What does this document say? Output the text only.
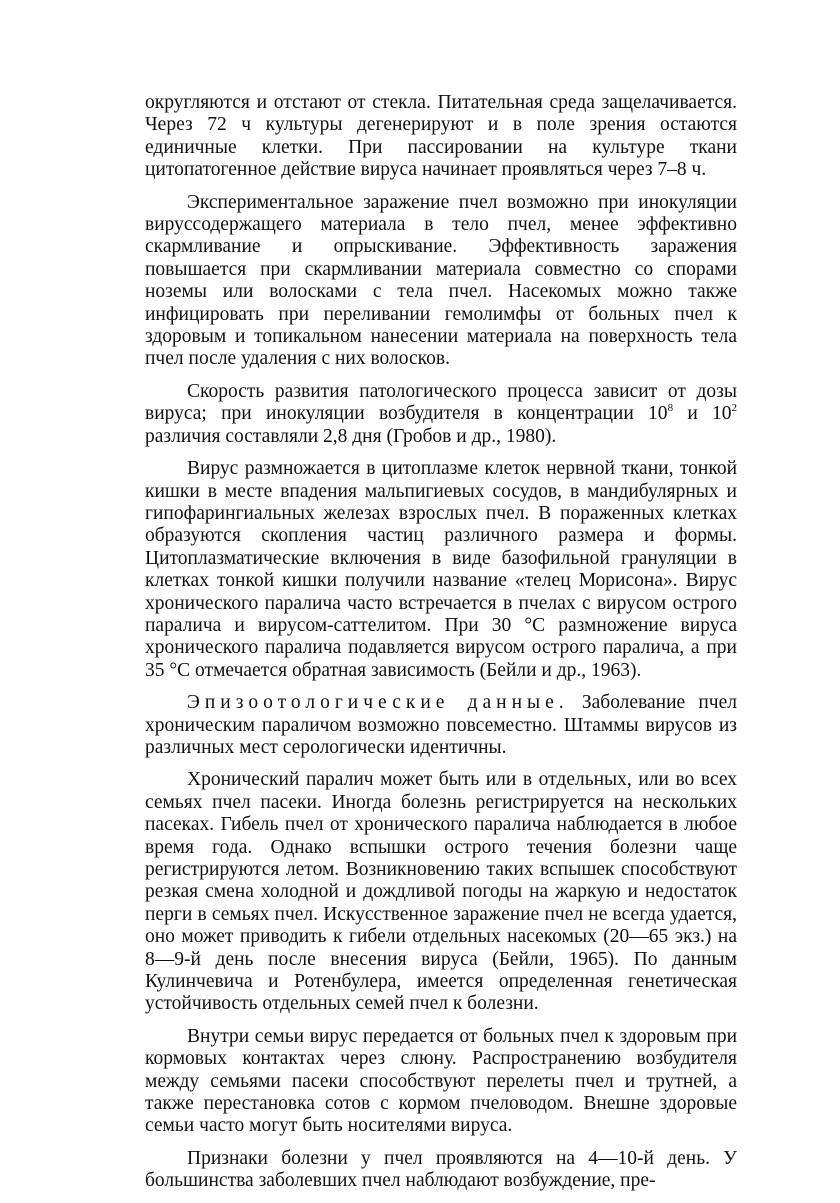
округляются и отстают от стекла. Питательная среда защелачивается. Через 72 ч культуры дегенерируют и в поле зрения остаются единичные клетки. При пассировании на культуре ткани цитопатогенное действие вируса начинает проявляться через 7–8 ч.

Экспериментальное заражение пчел возможно при инокуляции вируссодержащего материала в тело пчел, менее эффективно скармливание и опрыскивание. Эффективность заражения повышается при скармливании материала совместно со спорами ноземы или волосками с тела пчел. Насекомых можно также инфицировать при переливании гемолимфы от больных пчел к здоровым и топикальном нанесении материала на поверхность тела пчел после удаления с них волосков.

Скорость развития патологического процесса зависит от дозы вируса; при инокуляции возбудителя в концентрации $10^8$ и $10^2$ различия составляли 2,8 дня (Гробов и др., 1980).

Вирус размножается в цитоплазме клеток нервной ткани, тонкой кишки в месте впадения мальпигиевых сосудов, в мандибулярных и гипофарингиальных железах взрослых пчел. В пораженных клетках образуются скопления частиц различного размера и формы. Цитоплазматические включения в виде базофильной грануляции в клетках тонкой кишки получили название «телец Морисона». Вирус хронического паралича часто встречается в пчелах с вирусом острого паралича и вирусом-саттелитом. При 30 °С размножение вируса хронического паралича подавляется вирусом острого паралича, а при 35 °С отмечается обратная зависимость (Бейли и др., 1963).

Эпизоотологические данные. Заболевание пчел хроническим параличом возможно повсеместно. Штаммы вирусов из различных мест серологически идентичны.

Хронический паралич может быть или в отдельных, или во всех семьях пчел пасеки. Иногда болезнь регистрируется на нескольких пасеках. Гибель пчел от хронического паралича наблюдается в любое время года. Однако вспышки острого течения болезни чаще регистрируются летом. Возникновению таких вспышек способствуют резкая смена холодной и дождливой погоды на жаркую и недостаток перги в семьях пчел. Искусственное заражение пчел не всегда удается, оно может приводить к гибели отдельных насекомых (20—65 экз.) на 8—9-й день после внесения вируса (Бейли, 1965). По данным Кулинчевича и Ротенбулера, имеется определенная генетическая устойчивость отдельных семей пчел к болезни.

Внутри семьи вирус передается от больных пчел к здоровым при кормовых контактах через слюну. Распространению возбудителя между семьями пасеки способствуют перелеты пчел и трутней, а также перестановка сотов с кормом пчеловодом. Внешне здоровые семьи часто могут быть носителями вируса.

Признаки болезни у пчел проявляются на 4—10-й день. У большинства заболевших пчел наблюдают возбуждение, пре-
